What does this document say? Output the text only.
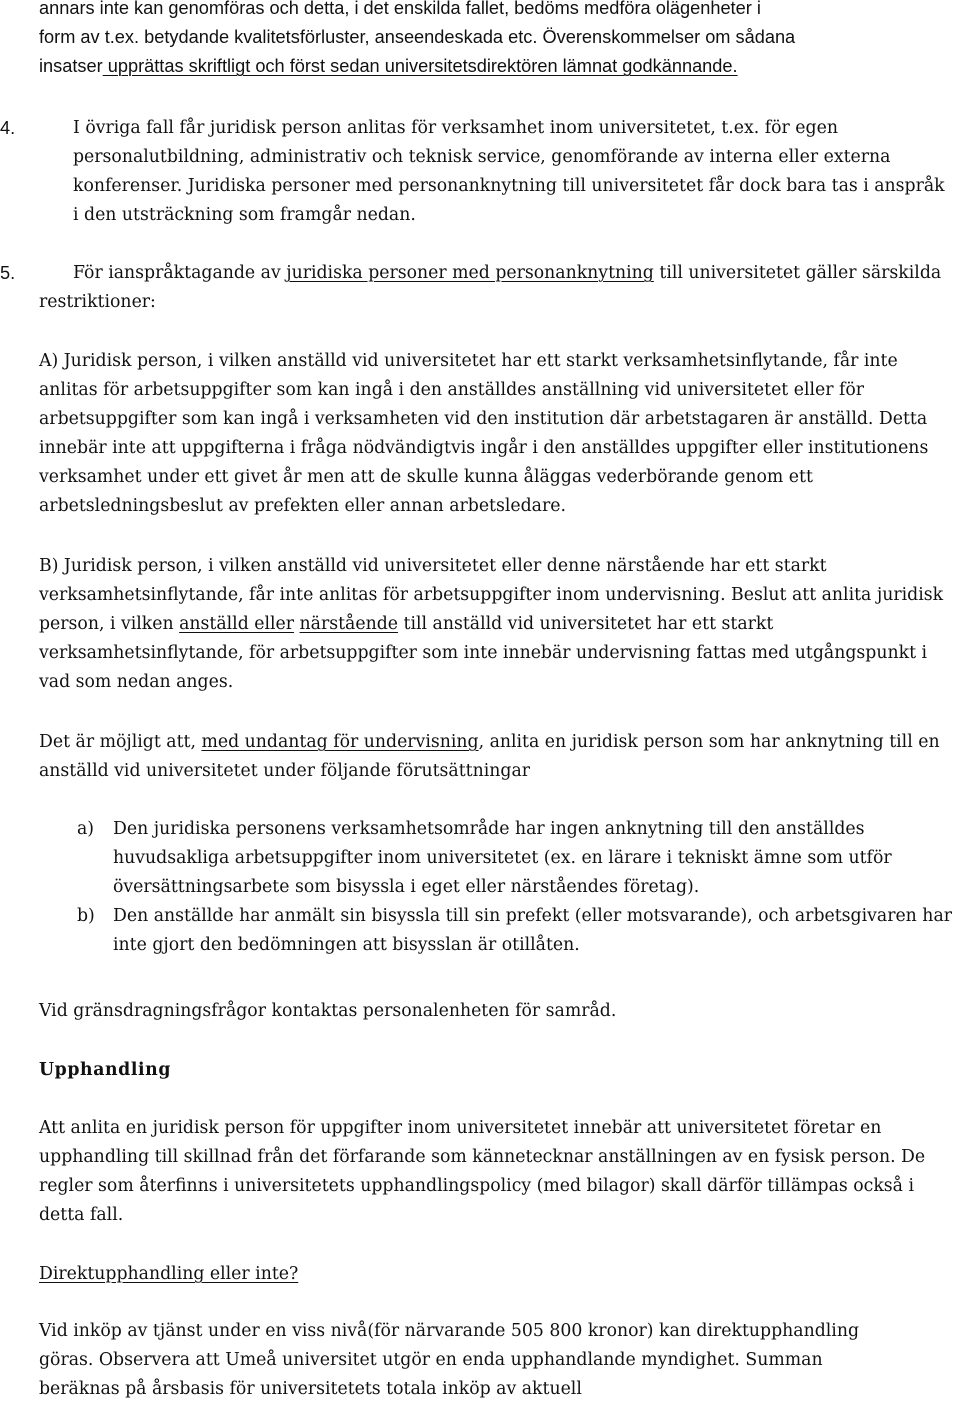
annars inte kan genomföras och detta, i det enskilda fallet, bedöms medföra olägenheter i
form av t.ex. betydande kvalitetsförluster, anseendeskada etc. Överenskommelser om sådana
insatser upprättas skriftligt och först sedan universitetsdirektören lämnat godkännande.
4.	I övriga fall får juridisk person anlitas för verksamhet inom universitetet, t.ex. för egen personalutbildning, administrativ och teknisk service, genomförande av interna eller externa konferenser. Juridiska personer med personanknytning till universitetet får dock bara tas i anspråk i den utsträckning som framgår nedan.

5.	För ianspråktagande av juridiska personer med personanknytning till universitetet gäller särskilda restriktioner:

A) Juridisk person, i vilken anställd vid universitetet har ett starkt verksamhetsinflytande, får inte anlitas för arbetsuppgifter som kan ingå i den anställdes anställning vid universitetet eller för arbetsuppgifter som kan ingå i verksamheten vid den institution där arbetstagaren är anställd. Detta innebär inte att uppgifterna i fråga nödvändigtvis ingår i den anställdes uppgifter eller institutionens verksamhet under ett givet år men att de skulle kunna åläggas vederbörande genom ett arbetsledningsbeslut av prefekten eller annan arbetsledare.

B) Juridisk person, i vilken anställd vid universitetet eller denne närstående har ett starkt verksamhetsinflytande, får inte anlitas för arbetsuppgifter inom undervisning. Beslut att anlita juridisk person, i vilken anställd eller närstående till anställd vid universitetet har ett starkt verksamhetsinflytande, för arbetsuppgifter som inte innebär undervisning fattas med utgångspunkt i vad som nedan anges.

Det är möjligt att, med undantag för undervisning, anlita en juridisk person som har anknytning till en anställd vid universitetet under följande förutsättningar

a) Den juridiska personens verksamhetsområde har ingen anknytning till den anställdes huvudsakliga arbetsuppgifter inom universitetet (ex. en lärare i tekniskt ämne som utför översättningsarbete som bisyssla i eget eller närståendes företag).

b) Den anställde har anmält sin bisyssla till sin prefekt (eller motsvarande), och arbetsgivaren har inte gjort den bedömningen att bisysslan är otillåten.

Vid gränsdragningsfrågor kontaktas personalenheten för samråd.

Upphandling

Att anlita en juridisk person för uppgifter inom universitetet innebär att universitetet företar en upphandling till skillnad från det förfarande som kännetecknar anställningen av en fysisk person. De regler som återfinns i universitetets upphandlingspolicy (med bilagor) skall därför tillämpas också i detta fall.

Direktupphandling eller inte?

Vid inköp av tjänst under en viss nivå(för närvarande 505 800 kronor) kan direktupphandling göras. Observera att Umeå universitet utgör en enda upphandlande myndighet. Summan beräknas på årsbasis för universitetets totala inköp av aktuell
